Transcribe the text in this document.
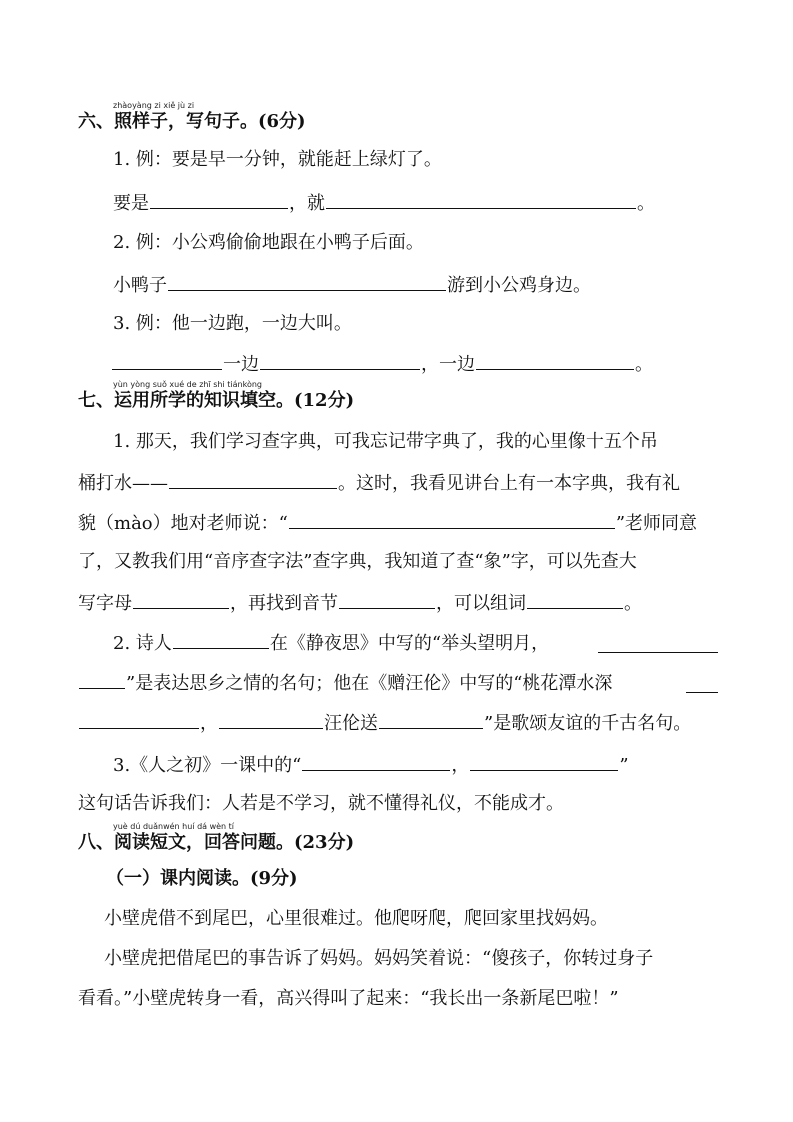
zhàoyàng zi xiě jù zi
六、照样子，写句子。(6分)
1. 例：要是早一分钟，就能赶上绿灯了。
要是	，就	。
2. 例：小公鸡偷偷地跟在小鸭子后面。
小鸭子	游到小公鸡身边。
3. 例：他一边跑，一边大叫。
一边	，一边	。
yùn yòng suǒ xué de zhī shi tiánkòng
七、运用所学的知识填空。(12分)
1. 那天，我们学习查字典，可我忘记带字典了，我的心里像十五个吊
桶打水——	。这时，我看见讲台上有一本字典，我有礼
貌（mào）地对老师说：“	”老师同意
了，又教我们用“音序查字法”查字典，我知道了查“象”字，可以先查大
写字母	，再找到音节	，可以组词	。
2. 诗人	在《静夜思》中写的“举头望明月，
”是表达思乡之情的名句；他在《赠汪伦》中写的“桃花潭水深
，	汪伦送	”是歌颂友谊的千古名句。
3.《人之初》一课中的“	，	”
这句话告诉我们：人若是不学习，就不懂得礼仪，不能成才。
yuè dú duǎnwén huí dá wèn tí
八、阅读短文，回答问题。(23分)
（一）课内阅读。(9分)
小壁虎借不到尾巴，心里很难过。他爬呀爬，爬回家里找妈妈。
小壁虎把借尾巴的事告诉了妈妈。妈妈笑着说：“傻孩子，你转过身子
看看。”小壁虎转身一看，高兴得叫了起来：“我长出一条新尾巴啦！”
